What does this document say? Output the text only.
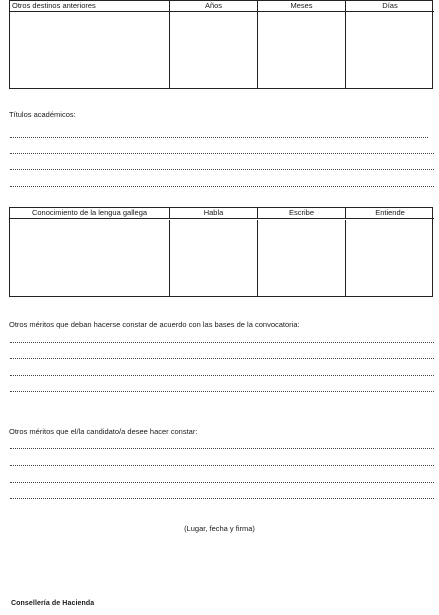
Otros destinos anteriores	Años	Meses	Días
Títulos académicos:
Conocimiento de la lengua gallega	Habla	Escribe	Entiende
Otros méritos que deban hacerse constar de acuerdo con las bases de la convocatoria:
Otros méritos que el/la candidato/a desee hacer constar:
(Lugar, fecha y firma)
Consellería de Hacienda
